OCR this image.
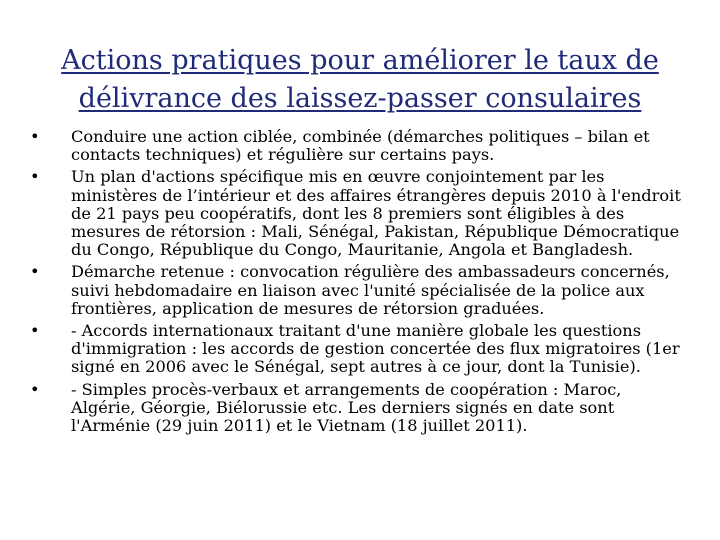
Actions pratiques pour améliorer le taux de délivrance des laissez-passer consulaires
•	Conduire une action ciblée, combinée (démarches politiques – bilan et contacts techniques) et régulière sur certains pays.
•	Un plan d'actions spécifique mis en œuvre conjointement par les ministères de l’intérieur et des affaires étrangères depuis 2010 à l'endroit de 21 pays peu coopératifs, dont les 8 premiers sont éligibles à des mesures de rétorsion : Mali, Sénégal, Pakistan, République Démocratique du Congo, République du Congo, Mauritanie, Angola et Bangladesh.
•	Démarche retenue : convocation régulière des ambassadeurs concernés, suivi hebdomadaire en liaison avec l'unité spécialisée de la police aux frontières, application de mesures de rétorsion graduées.
•	- Accords internationaux traitant d'une manière globale les questions d'immigration : les accords de gestion concertée des flux migratoires (1er signé en 2006 avec le Sénégal, sept autres à ce jour, dont la Tunisie).
•	- Simples procès-verbaux et arrangements de coopération : Maroc, Algérie, Géorgie, Biélorussie etc. Les derniers signés en date sont l'Arménie (29 juin 2011) et le Vietnam (18 juillet 2011).
